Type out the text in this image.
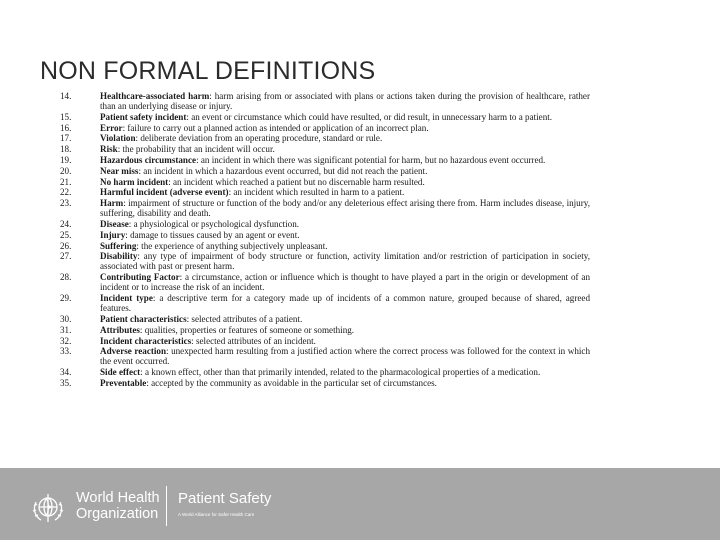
NON FORMAL DEFINITIONS
14.	Healthcare-associated harm: harm arising from or associated with plans or actions taken during the provision of healthcare, rather than an underlying disease or injury.
15.	Patient safety incident: an event or circumstance which could have resulted, or did result, in unnecessary harm to a patient.
16.	Error: failure to carry out a planned action as intended or application of an incorrect plan.
17.	Violation: deliberate deviation from an operating procedure, standard or rule.
18.	Risk: the probability that an incident will occur.
19.	Hazardous circumstance: an incident in which there was significant potential for harm, but no hazardous event occurred.
20.	Near miss: an incident in which a hazardous event occurred, but did not reach the patient.
21.	No harm incident: an incident which reached a patient but no discernable harm resulted.
22.	Harmful incident (adverse event): an incident which resulted in harm to a patient.
23.	Harm: impairment of structure or function of the body and/or any deleterious effect arising there from. Harm includes disease, injury, suffering, disability and death.
24.	Disease: a physiological or psychological dysfunction.
25.	Injury: damage to tissues caused by an agent or event.
26.	Suffering: the experience of anything subjectively unpleasant.
27.	Disability: any type of impairment of body structure or function, activity limitation and/or restriction of participation in society, associated with past or present harm.
28.	Contributing Factor: a circumstance, action or influence which is thought to have played a part in the origin or development of an incident or to increase the risk of an incident.
29.	Incident type: a descriptive term for a category made up of incidents of a common nature, grouped because of shared, agreed features.
30.	Patient characteristics: selected attributes of a patient.
31.	Attributes: qualities, properties or features of someone or something.
32.	Incident characteristics: selected attributes of an incident.
33.	Adverse reaction: unexpected harm resulting from a justified action where the correct process was followed for the context in which the event occurred.
34.	Side effect: a known effect, other than that primarily intended, related to the pharmacological properties of a medication.
35.	Preventable: accepted by the community as avoidable in the particular set of circumstances.
World Health
Organization
Patient Safety
A World Alliance for Safer Health Care
